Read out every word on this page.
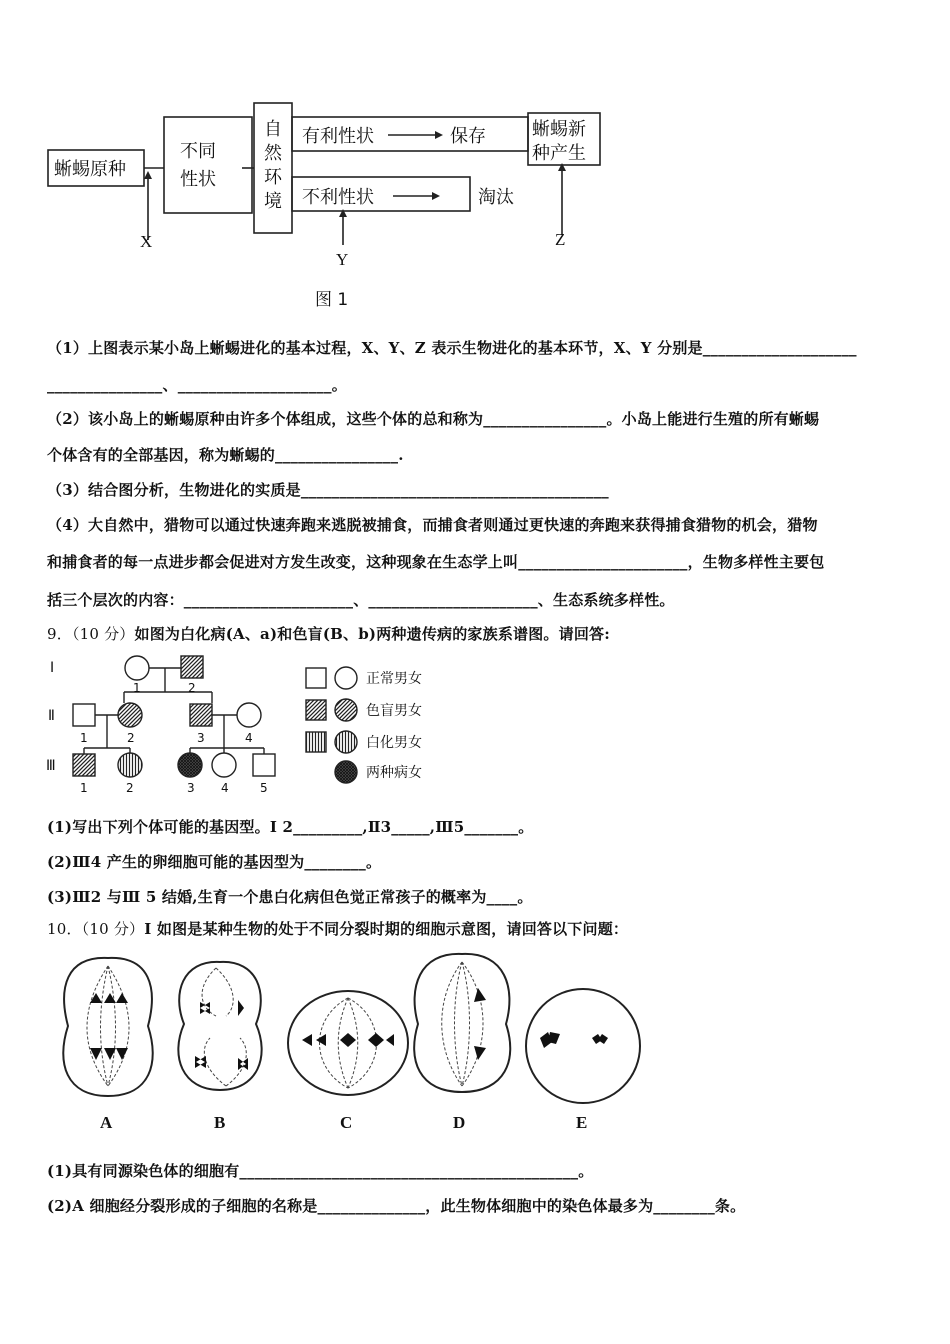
蜥蜴原种
不同
性状
自
然
环
境
有利性状	保存
不利性状	淘汰
蜥蜴新
种产生
X
Y
Z
图 1
（1）上图表示某小岛上蜥蜴进化的基本过程，X、Y、Z 表示生物进化的基本环节，X、Y 分别是____________________
_______________、____________________。
（2）该小岛上的蜥蜴原种由许多个体组成，这些个体的总和称为________________。小岛上能进行生殖的所有蜥蜴
个体含有的全部基因，称为蜥蜴的________________.
（3）结合图分析，生物进化的实质是________________________________________
（4）大自然中，猎物可以通过快速奔跑来逃脱被捕食，而捕食者则通过更快速的奔跑来获得捕食猎物的机会，猎物
和捕食者的每一点进步都会促进对方发生改变，这种现象在生态学上叫______________________，生物多样性主要包
括三个层次的内容：______________________、______________________、生态系统多样性。
9．（10 分）如图为白化病(A、a)和色盲(B、b)两种遗传病的家族系谱图。请回答:
Ⅰ
Ⅱ
Ⅲ
1	2
1	2	3	4
1	2	3 4	5
正常男女
色盲男女
白化男女
两种病女
(1)写出下列个体可能的基因型。Ⅰ 2_________,Ⅱ3_____,Ⅲ5_______。
(2)Ⅲ4 产生的卵细胞可能的基因型为________。
(3)Ⅲ2 与Ⅲ 5 结婚,生育一个患白化病但色觉正常孩子的概率为____。
10．（10 分）Ⅰ 如图是某种生物的处于不同分裂时期的细胞示意图，请回答以下问题：
A	B	C	D	E
(1)具有同源染色体的细胞有____________________________________________。
(2)A 细胞经分裂形成的子细胞的名称是______________，此生物体细胞中的染色体最多为________条。
